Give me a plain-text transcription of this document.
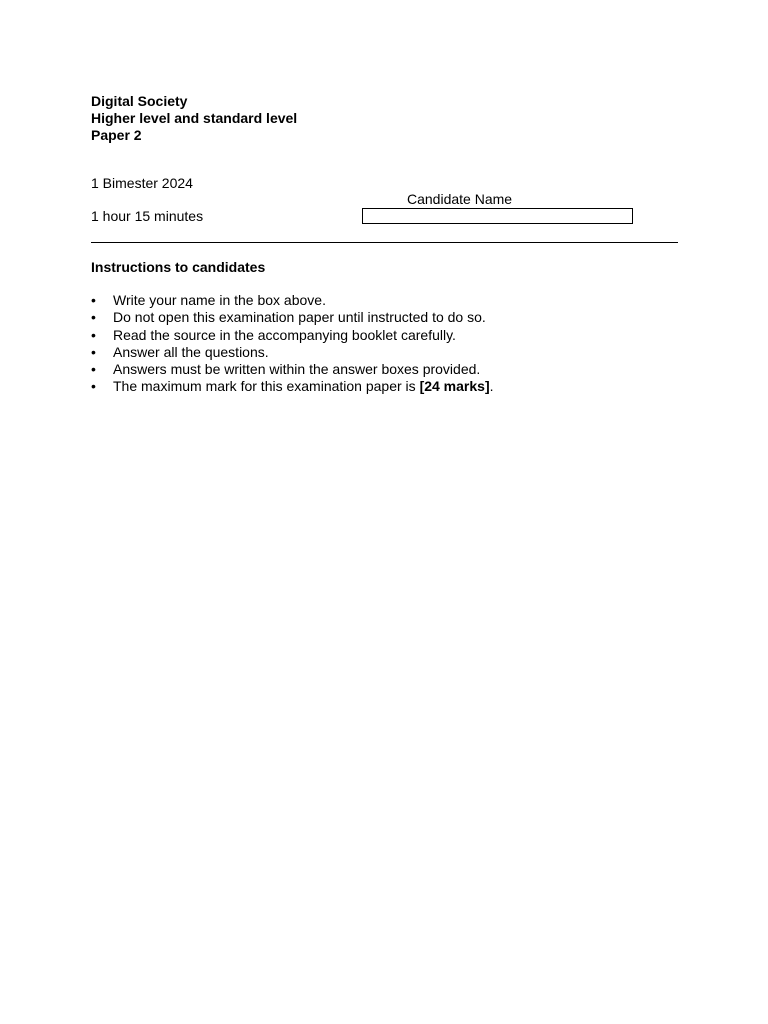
Digital Society
Higher level and standard level
Paper 2
1 Bimester 2024
Candidate Name
1 hour 15 minutes
Instructions to candidates
• Write your name in the box above.
• Do not open this examination paper until instructed to do so.
• Read the source in the accompanying booklet carefully.
• Answer all the questions.
• Answers must be written within the answer boxes provided.
• The maximum mark for this examination paper is [24 marks].
